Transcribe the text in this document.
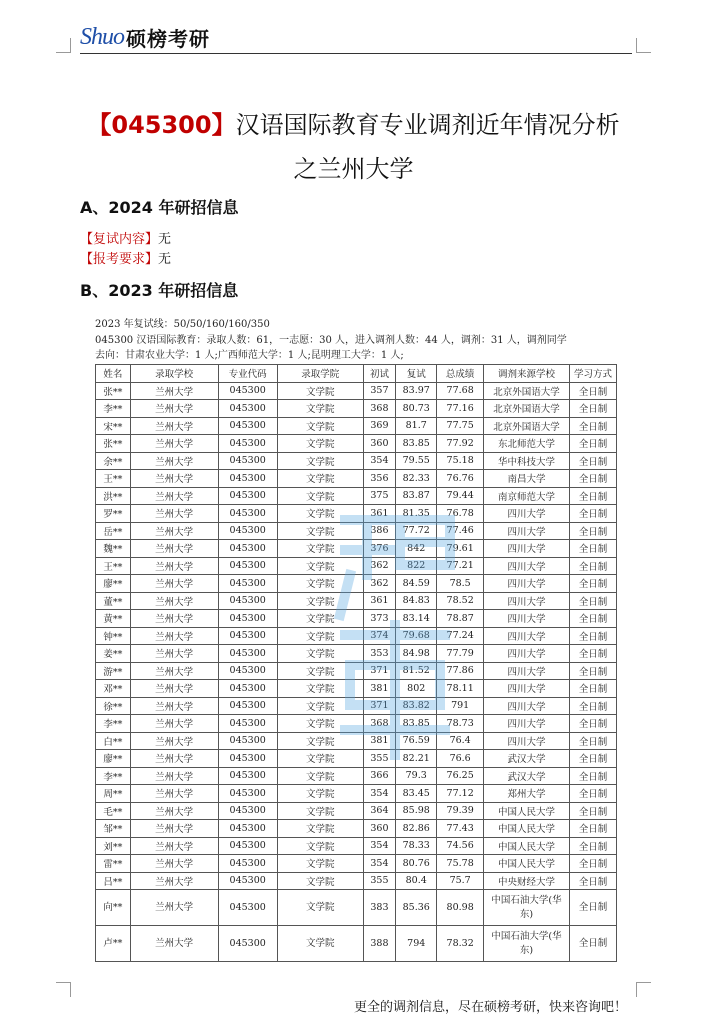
Shuo 硕榜考研
【045300】汉语国际教育专业调剂近年情况分析
之兰州大学
A、2024 年研招信息
【复试内容】无
【报考要求】无
B、2023 年研招信息
2023 年复试线：50/50/160/160/350
045300 汉语国际教育：录取人数：61，一志愿：30 人，进入调剂人数：44 人，调剂：31 人，调剂同学
去向：甘肃农业大学：1 人;广西师范大学：1 人;昆明理工大学：1 人;
姓名	录取学校	专业代码	录取学院	初试	复试	总成绩	调剂来源学校	学习方式
张**	兰州大学	045300	文学院	357	83.97	77.68	北京外国语大学	全日制
李**	兰州大学	045300	文学院	368	80.73	77.16	北京外国语大学	全日制
宋**	兰州大学	045300	文学院	369	81.7	77.75	北京外国语大学	全日制
张**	兰州大学	045300	文学院	360	83.85	77.92	东北师范大学	全日制
余**	兰州大学	045300	文学院	354	79.55	75.18	华中科技大学	全日制
王**	兰州大学	045300	文学院	356	82.33	76.76	南昌大学	全日制
洪**	兰州大学	045300	文学院	375	83.87	79.44	南京师范大学	全日制
罗**	兰州大学	045300	文学院	361	81.35	76.78	四川大学	全日制
岳**	兰州大学	045300	文学院	386	77.72	77.46	四川大学	全日制
魏**	兰州大学	045300	文学院	376	842	79.61	四川大学	全日制
王**	兰州大学	045300	文学院	362	822	77.21	四川大学	全日制
廖**	兰州大学	045300	文学院	362	84.59	78.5	四川大学	全日制
董**	兰州大学	045300	文学院	361	84.83	78.52	四川大学	全日制
黄**	兰州大学	045300	文学院	373	83.14	78.87	四川大学	全日制
钟**	兰州大学	045300	文学院	374	79.68	77.24	四川大学	全日制
姜**	兰州大学	045300	文学院	353	84.98	77.79	四川大学	全日制
游**	兰州大学	045300	文学院	371	81.52	77.86	四川大学	全日制
邓**	兰州大学	045300	文学院	381	802	78.11	四川大学	全日制
徐**	兰州大学	045300	文学院	371	83.82	791	四川大学	全日制
李**	兰州大学	045300	文学院	368	83.85	78.73	四川大学	全日制
白**	兰州大学	045300	文学院	381	76.59	76.4	四川大学	全日制
廖**	兰州大学	045300	文学院	355	82.21	76.6	武汉大学	全日制
李**	兰州大学	045300	文学院	366	79.3	76.25	武汉大学	全日制
周**	兰州大学	045300	文学院	354	83.45	77.12	郑州大学	全日制
毛**	兰州大学	045300	文学院	364	85.98	79.39	中国人民大学	全日制
邹**	兰州大学	045300	文学院	360	82.86	77.43	中国人民大学	全日制
刘**	兰州大学	045300	文学院	354	78.33	74.56	中国人民大学	全日制
雷**	兰州大学	045300	文学院	354	80.76	75.78	中国人民大学	全日制
吕**	兰州大学	045300	文学院	355	80.4	75.7	中央财经大学	全日制
向**	兰州大学	045300	文学院	383	85.36	80.98	中国石油大学(华东)	全日制
卢**	兰州大学	045300	文学院	388	794	78.32	中国石油大学(华东)	全日制
更全的调剂信息，尽在硕榜考研，快来咨询吧！
